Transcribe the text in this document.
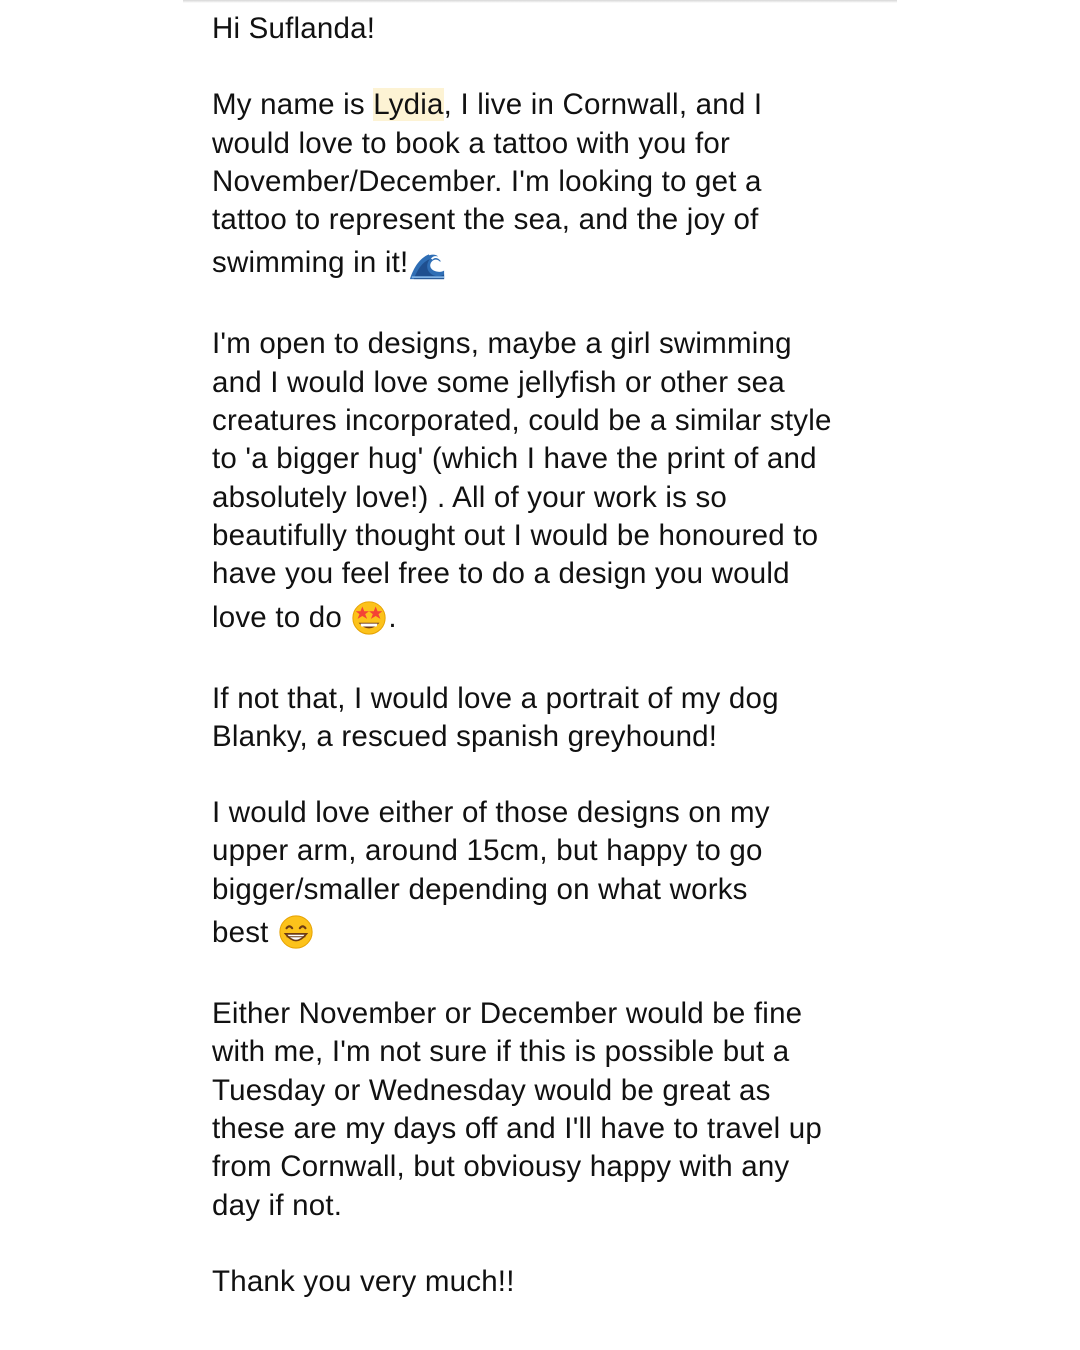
Hi Suflanda!
My name is Lydia, I live in Cornwall, and I
would love to book a tattoo with you for
November/December. I'm looking to get a
tattoo to represent the sea, and the joy of
swimming in it!
I'm open to designs, maybe a girl swimming
and I would love some jellyfish or other sea
creatures incorporated, could be a similar style
to 'a bigger hug' (which I have the print of and
absolutely love!) . All of your work is so
beautifully thought out I would be honoured to
have you feel free to do a design you would
love to do .
If not that, I would love a portrait of my dog
Blanky, a rescued spanish greyhound!
I would love either of those designs on my
upper arm, around 15cm, but happy to go
bigger/smaller depending on what works
best
Either November or December would be fine
with me, I'm not sure if this is possible but a
Tuesday or Wednesday would be great as
these are my days off and I'll have to travel up
from Cornwall, but obviousy happy with any
day if not.
Thank you very much!!
